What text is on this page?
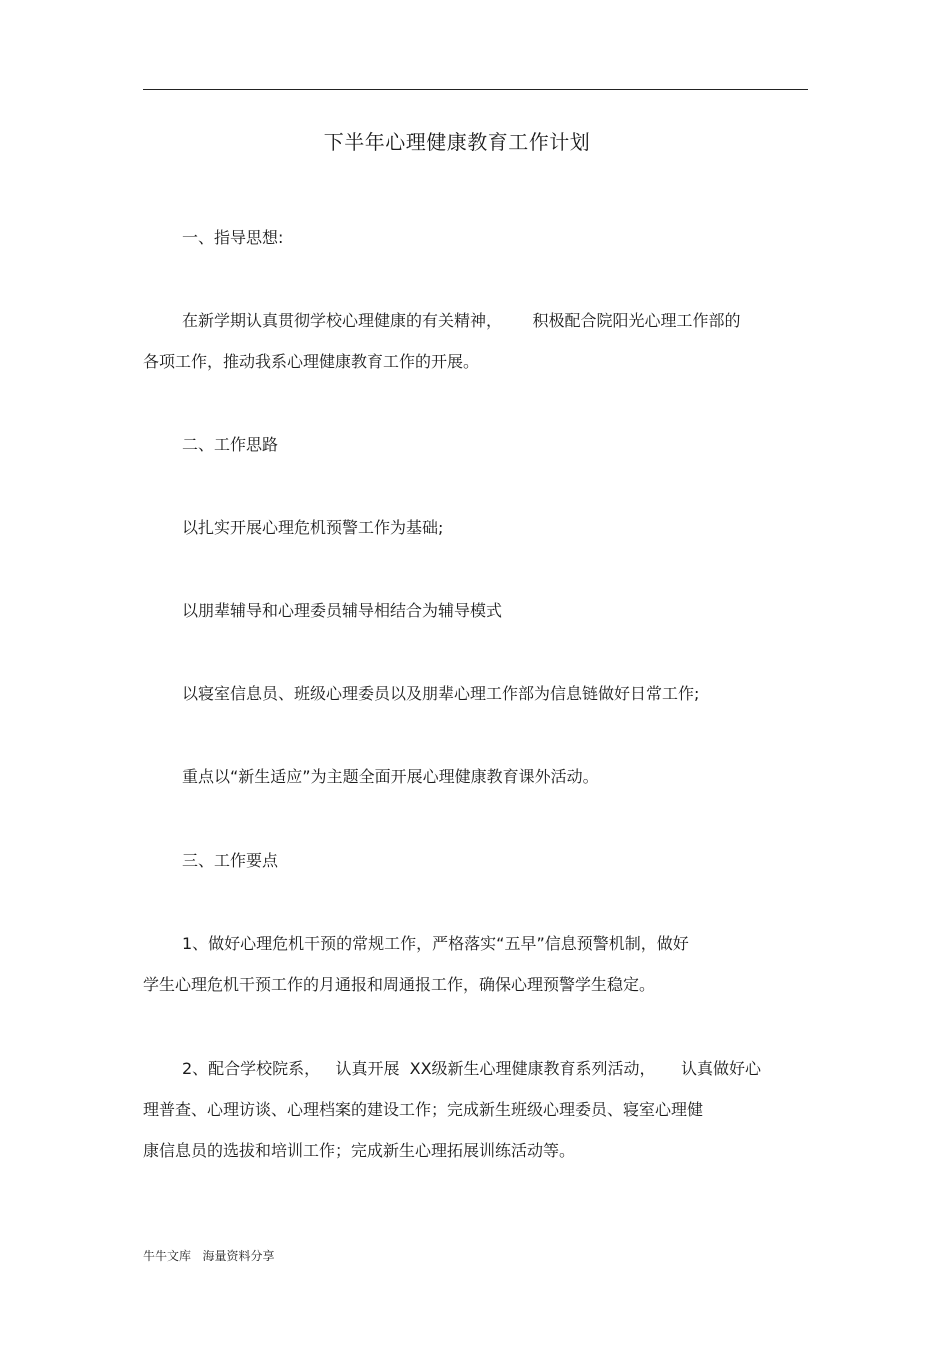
下半年心理健康教育工作计划
一、指导思想:
在新学期认真贯彻学校心理健康的有关精神，      积极配合院阳光心理工作部的
各项工作，推动我系心理健康教育工作的开展。
二、工作思路
以扎实开展心理危机预警工作为基础;
以朋辈辅导和心理委员辅导相结合为辅导模式
以寝室信息员、班级心理委员以及朋辈心理工作部为信息链做好日常工作;
重点以“新生适应”为主题全面开展心理健康教育课外活动。
三、工作要点
1、做好心理危机干预的常规工作，严格落实“五早”信息预警机制，做好
学生心理危机干预工作的月通报和周通报工作，确保心理预警学生稳定。
2、配合学校院系，   认真开展  XX级新生心理健康教育系列活动，     认真做好心
理普查、心理访谈、心理档案的建设工作；完成新生班级心理委员、寝室心理健
康信息员的选拔和培训工作；完成新生心理拓展训练活动等。
牛牛文库   海量资料分享
